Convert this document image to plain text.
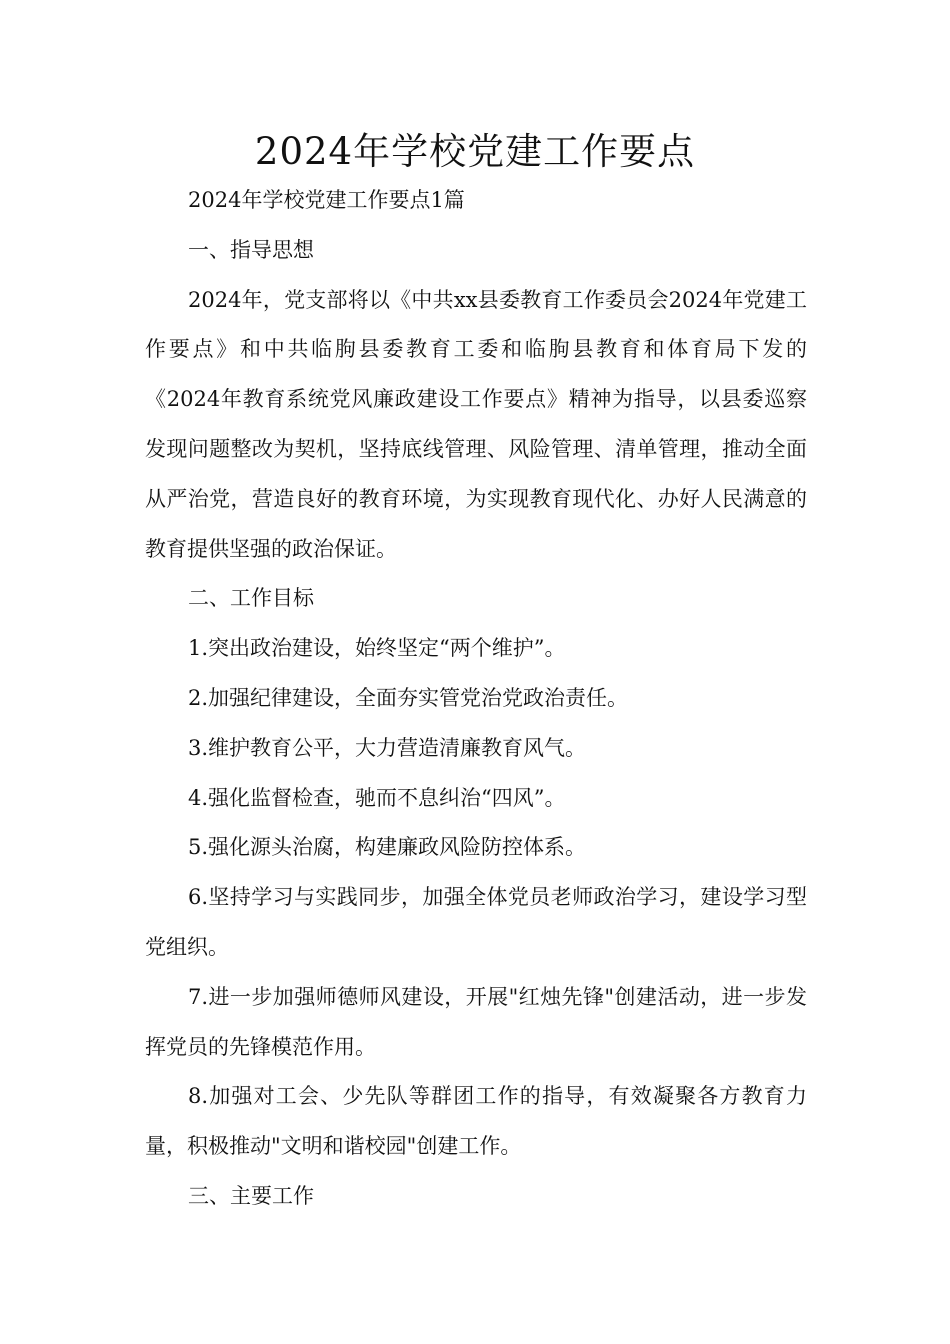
2024年学校党建工作要点

2024年学校党建工作要点1篇

一、指导思想

2024年，党支部将以《中共xx县委教育工作委员会2024年党建工作要点》和中共临朐县委教育工委和临朐县教育和体育局下发的《2024年教育系统党风廉政建设工作要点》精神为指导，以县委巡察发现问题整改为契机，坚持底线管理、风险管理、清单管理，推动全面从严治党，营造良好的教育环境，为实现教育现代化、办好人民满意的教育提供坚强的政治保证。

二、工作目标

1.突出政治建设，始终坚定“两个维护”。

2.加强纪律建设，全面夯实管党治党政治责任。

3.维护教育公平，大力营造清廉教育风气。

4.强化监督检查，驰而不息纠治“四风”。

5.强化源头治腐，构建廉政风险防控体系。

6.坚持学习与实践同步，加强全体党员老师政治学习，建设学习型党组织。

7.进一步加强师德师风建设，开展"红烛先锋"创建活动，进一步发挥党员的先锋模范作用。

8.加强对工会、少先队等群团工作的指导，有效凝聚各方教育力量，积极推动"文明和谐校园"创建工作。

三、主要工作
